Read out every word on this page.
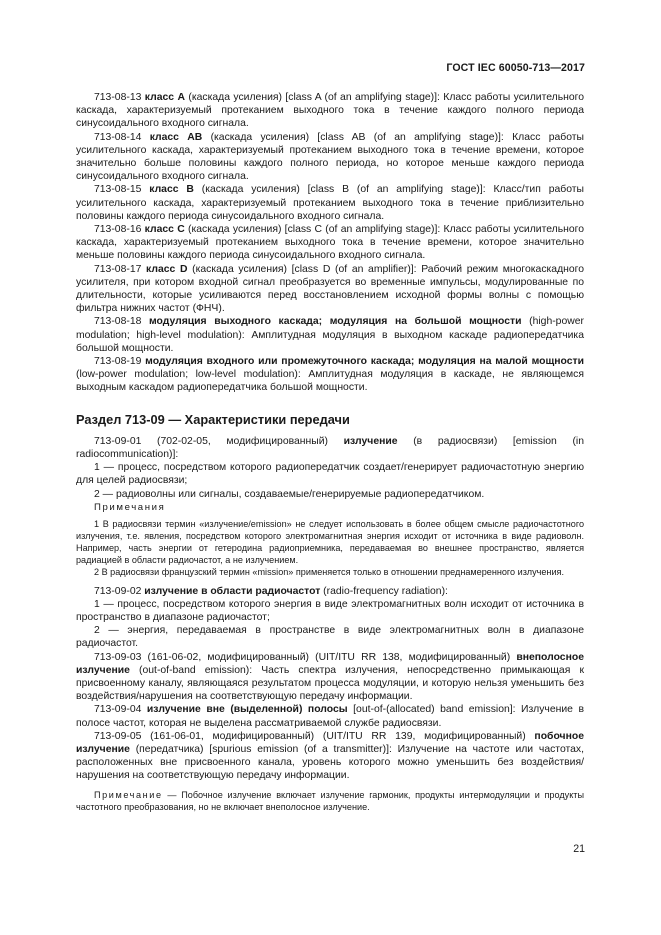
ГОСТ IEC 60050-713—2017

713-08-13 класс А (каскада усиления) [class A (of an amplifying stage)]: Класс работы усилительного каскада, характеризуемый протеканием выходного тока в течение каждого полного периода синусоидального входного сигнала.

713-08-14 класс АВ (каскада усиления) [class AB (of an amplifying stage)]: Класс работы усилительного каскада, характеризуемый протеканием выходного тока в течение времени, которое значительно больше половины каждого полного периода, но которое меньше каждого периода синусоидального входного сигнала.

713-08-15 класс В (каскада усиления) [class B (of an amplifying stage)]: Класс/тип работы усилительного каскада, характеризуемый протеканием выходного тока в течение приблизительно половины каждого периода синусоидального входного сигнала.

713-08-16 класс С (каскада усиления) [class C (of an amplifying stage)]: Класс работы усилительного каскада, характеризуемый протеканием выходного тока в течение времени, которое значительно меньше половины каждого периода синусоидального входного сигнала.

713-08-17 класс D (каскада усиления) [class D (of an amplifier)]: Рабочий режим многокаскадного усилителя, при котором входной сигнал преобразуется во временные импульсы, модулированные по длительности, которые усиливаются перед восстановлением исходной формы волны с помощью фильтра нижних частот (ФНЧ).

713-08-18 модуляция выходного каскада; модуляция на большой мощности (high-power modulation; high-level modulation): Амплитудная модуляция в выходном каскаде радиопередатчика большой мощности.

713-08-19 модуляция входного или промежуточного каскада; модуляция на малой мощности (low-power modulation; low-level modulation): Амплитудная модуляция в каскаде, не являющемся выходным каскадом радиопередатчика большой мощности.

Раздел 713-09 — Характеристики передачи

713-09-01 (702-02-05, модифицированный) излучение (в радиосвязи) [emission (in radiocommunication)]:

1 — процесс, посредством которого радиопередатчик создает/генерирует радиочастотную энергию для целей радиосвязи;

2 — радиоволны или сигналы, создаваемые/генерируемые радиопередатчиком.

Примечания

1 В радиосвязи термин «излучение/emission» не следует использовать в более общем смысле радиочастотного излучения, т.е. явления, посредством которого электромагнитная энергия исходит от источника в виде радиоволн. Например, часть энергии от гетеродина радиоприемника, передаваемая во внешнее пространство, является радиацией в области радиочастот, а не излучением.

2 В радиосвязи французский термин «mission» применяется только в отношении преднамеренного излучения.

713-09-02 излучение в области радиочастот (radio-frequency radiation):

1 — процесс, посредством которого энергия в виде электромагнитных волн исходит от источника в пространство в диапазоне радиочастот;

2 — энергия, передаваемая в пространстве в виде электромагнитных волн в диапазоне радиочастот.

713-09-03 (161-06-02, модифицированный) (UIT/ITU RR 138, модифицированный) внеполосное излучение (out-of-band emission): Часть спектра излучения, непосредственно примыкающая к присвоенному каналу, являющаяся результатом процесса модуляции, и которую нельзя уменьшить без воздействия/нарушения на соответствующую передачу информации.

713-09-04 излучение вне (выделенной) полосы [out-of-(allocated) band emission]: Излучение в полосе частот, которая не выделена рассматриваемой службе радиосвязи.

713-09-05 (161-06-01, модифицированный) (UIT/ITU RR 139, модифицированный) побочное излучение (передатчика) [spurious emission (of a transmitter)]: Излучение на частоте или частотах, расположенных вне присвоенного канала, уровень которого можно уменьшить без воздействия/нарушения на соответствующую передачу информации.

Примечание — Побочное излучение включает излучение гармоник, продукты интермодуляции и продукты частотного преобразования, но не включает внеполосное излучение.

21
